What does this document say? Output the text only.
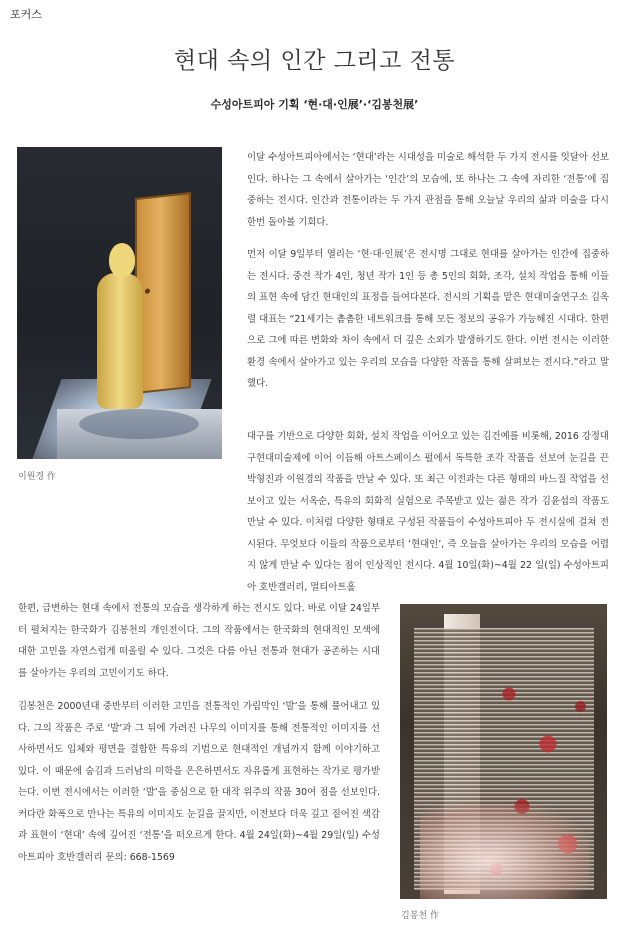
포커스
현대 속의 인간 그리고 전통
수성아트피아 기획 ‘현·대·인展’·‘김봉천展’
이원경 作

이달 수성아트피아에서는 ‘현대’라는 시대성을 미술로 해석한 두 가지 전시를 잇달아 선보인다. 하나는 그 속에서 살아가는 ‘인간’의 모습에, 또 하나는 그 속에 자리한 ‘전통’에 집중하는 전시다. 인간과 전통이라는 두 가지 관점을 통해 오늘날 우리의 삶과 미술을 다시 한번 돌아볼 기회다.

먼저 이달 9일부터 열리는 ‘현·대·인展’은 전시명 그대로 현대를 살아가는 인간에 집중하는 전시다. 중견 작가 4인, 청년 작가 1인 등 총 5인의 회화, 조각, 설치 작업을 통해 이들의 표현 속에 담긴 현대인의 표정을 들여다본다. 전시의 기획을 맡은 현대미술연구소 김옥렬 대표는 “21세기는 촘촘한 네트워크를 통해 모든 정보의 공유가 가능해진 시대다. 한편으로 그에 따른 변화와 차이 속에서 더 깊은 소외가 발생하기도 한다. 이번 전시는 이러한 환경 속에서 살아가고 있는 우리의 모습을 다양한 작품을 통해 살펴보는 전시다.”라고 말했다.

대구를 기반으로 다양한 회화, 설치 작업을 이어오고 있는 김건예를 비롯해, 2016 강정대구현대미술제에 이어 이듬해 아트스페이스 펄에서 독특한 조각 작품을 선보여 눈길을 끈 박형진과 이원경의 작품을 만날 수 있다. 또 최근 이전과는 다른 형태의 바느질 작업을 선보이고 있는 서옥순, 특유의 회화적 실험으로 주목받고 있는 젊은 작가 김윤섭의 작품도 만날 수 있다. 이처럼 다양한 형태로 구성된 작품들이 수성아트피아 두 전시실에 걸쳐 전시된다. 무엇보다 이들의 작품으로부터 ‘현대인’, 즉 오늘을 살아가는 우리의 모습을 어렵지 않게 만날 수 있다는 점이 인상적인 전시다. 4월 10일(화)~4월 22 일(일) 수성아트피아 호반갤러리, 멀티아트홀

한편, 급변하는 현대 속에서 전통의 모습을 생각하게 하는 전시도 있다. 바로 이달 24일부터 펼쳐지는 한국화가 김봉천의 개인전이다. 그의 작품에서는 한국화의 현대적인 모색에 대한 고민을 자연스럽게 떠올릴 수 있다. 그것은 다름 아닌 전통과 현대가 공존하는 시대를 살아가는 우리의 고민이기도 하다.

김봉천은 2000년대 중반부터 이러한 고민을 전통적인 가림막인 ‘발’을 통해 풀어내고 있다. 그의 작품은 주로 ‘발’과 그 뒤에 가려진 나무의 이미지를 통해 전통적인 이미지를 선사하면서도 입체와 평면을 결합한 특유의 기법으로 현대적인 개념까지 함께 이야기하고 있다. 이 때문에 숨김과 드러남의 미학을 은은하면서도 자유롭게 표현하는 작가로 평가받는다. 이번 전시에서는 이러한 ‘발’을 중심으로 한 대작 위주의 작품 30여 점을 선보인다. 커다란 화폭으로 만나는 특유의 이미지도 눈길을 끌지만, 이전보다 더욱 깊고 짙어진 색감과 표현이 ‘현대’ 속에 깊어진 ‘전통’을 떠오르게 한다. 4월 24일(화)~4월 29일(일) 수성아트피아 호반갤러리 문의: 668-1569

김봉천 作
